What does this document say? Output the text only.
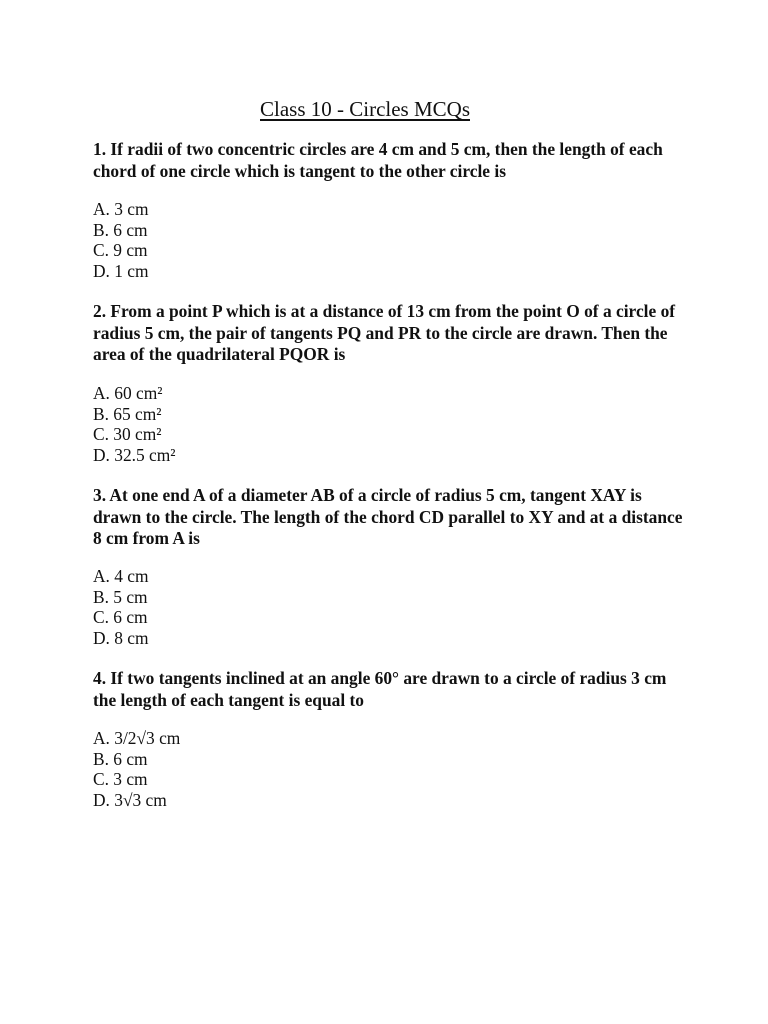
Class 10 - Circles MCQs
1. If radii of two concentric circles are 4 cm and 5 cm, then the length of each chord of one circle which is tangent to the other circle is
A. 3 cm
B. 6 cm
C. 9 cm
D. 1 cm
2. From a point P which is at a distance of 13 cm from the point O of a circle of radius 5 cm, the pair of tangents PQ and PR to the circle are drawn. Then the area of the quadrilateral PQOR is
A. 60 cm²
B. 65 cm²
C. 30 cm²
D. 32.5 cm²
3. At one end A of a diameter AB of a circle of radius 5 cm, tangent XAY is drawn to the circle. The length of the chord CD parallel to XY and at a distance 8 cm from A is
A. 4 cm
B. 5 cm
C. 6 cm
D. 8 cm
4. If two tangents inclined at an angle 60° are drawn to a circle of radius 3 cm the length of each tangent is equal to
A. 3/2√3 cm
B. 6 cm
C. 3 cm
D. 3√3 cm
